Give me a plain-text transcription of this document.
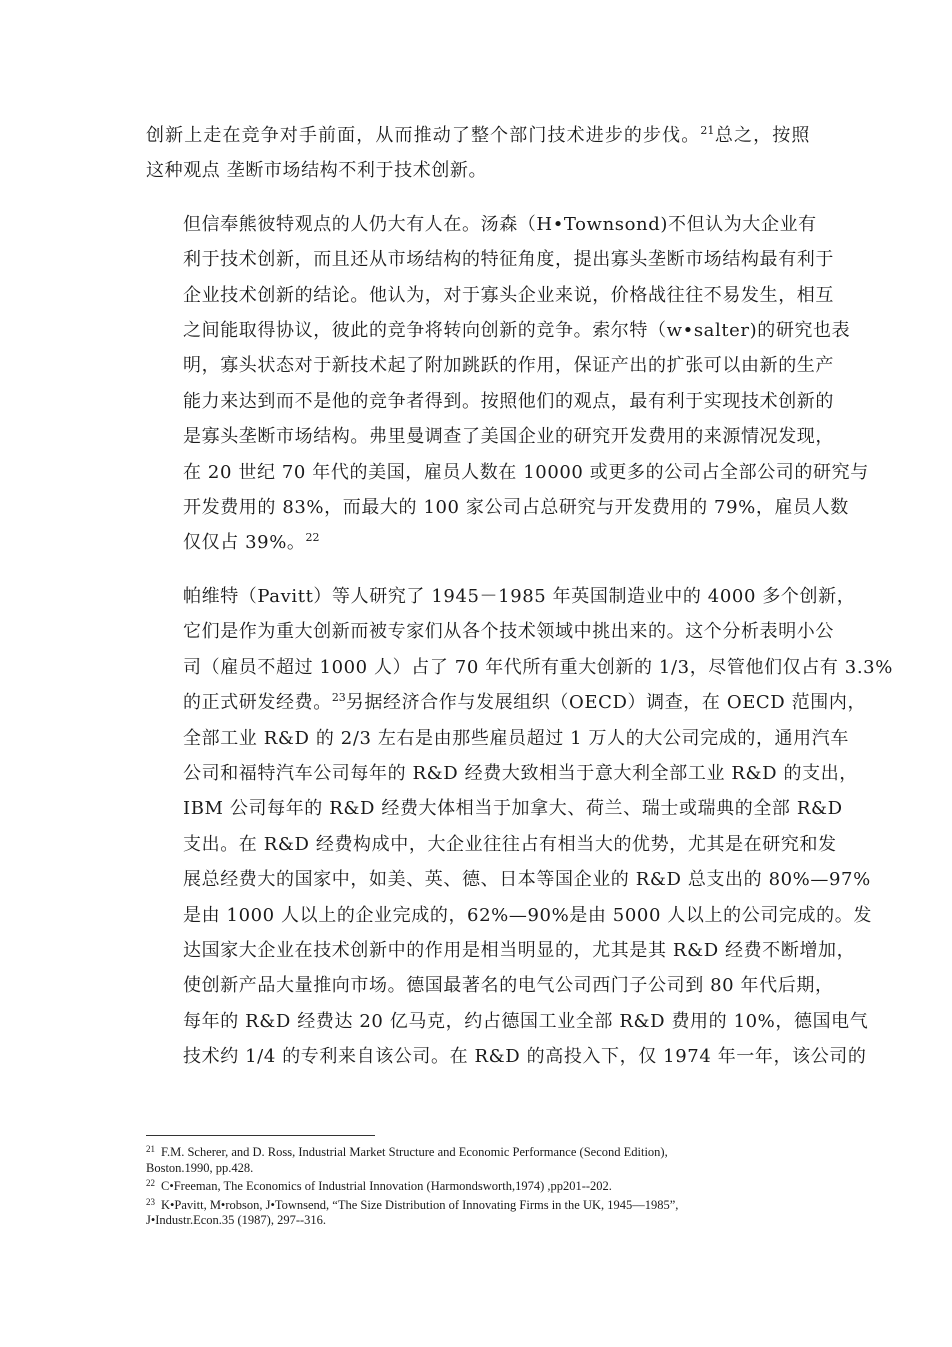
创新上走在竞争对手前面，从而推动了整个部门技术进步的步伐。$^{21}$总之，按照
这种观点 垄断市场结构不利于技术创新。

但信奉熊彼特观点的人仍大有人在。汤森（H•Townsond)不但认为大企业有
利于技术创新，而且还从市场结构的特征角度，提出寡头垄断市场结构最有利于
企业技术创新的结论。他认为，对于寡头企业来说，价格战往往不易发生，相互
之间能取得协议，彼此的竞争将转向创新的竞争。索尔特（w•salter)的研究也表
明，寡头状态对于新技术起了附加跳跃的作用，保证产出的扩张可以由新的生产
能力来达到而不是他的竞争者得到。按照他们的观点，最有利于实现技术创新的
是寡头垄断市场结构。弗里曼调查了美国企业的研究开发费用的来源情况发现，
在 20 世纪 70 年代的美国，雇员人数在 10000 或更多的公司占全部公司的研究与
开发费用的 83%，而最大的 100 家公司占总研究与开发费用的 79%，雇员人数
仅仅占 39%。$^{22}$

帕维特（Pavitt）等人研究了 1945－1985 年英国制造业中的 4000 多个创新，
它们是作为重大创新而被专家们从各个技术领域中挑出来的。这个分析表明小公
司（雇员不超过 1000 人）占了 70 年代所有重大创新的 1/3，尽管他们仅占有 3.3%
的正式研发经费。$^{23}$另据经济合作与发展组织（OECD）调查，在 OECD 范围内，
全部工业 R&D 的 2/3 左右是由那些雇员超过 1 万人的大公司完成的，通用汽车
公司和福特汽车公司每年的 R&D 经费大致相当于意大利全部工业 R&D 的支出，
IBM 公司每年的 R&D 经费大体相当于加拿大、荷兰、瑞士或瑞典的全部 R&D
支出。在 R&D 经费构成中，大企业往往占有相当大的优势，尤其是在研究和发
展总经费大的国家中，如美、英、德、日本等国企业的 R&D 总支出的 80%—97%
是由 1000 人以上的企业完成的，62%—90%是由 5000 人以上的公司完成的。发
达国家大企业在技术创新中的作用是相当明显的，尤其是其 R&D 经费不断增加，
使创新产品大量推向市场。德国最著名的电气公司西门子公司到 80 年代后期，
每年的 R&D 经费达 20 亿马克，约占德国工业全部 R&D 费用的 10%，德国电气
技术约 1/4 的专利来自该公司。在 R&D 的高投入下，仅 1974 年一年，该公司的

$^{21}$ F.M. Scherer, and D. Ross, Industrial Market Structure and Economic Performance (Second Edition),
Boston.1990, pp.428.
$^{22}$ C•Freeman, The Economics of Industrial Innovation (Harmondsworth,1974) ,pp201--202.
$^{23}$ K•Pavitt, M•robson, J•Townsend, “The Size Distribution of Innovating Firms in the UK, 1945—1985”,
J•Industr.Econ.35 (1987), 297--316.
